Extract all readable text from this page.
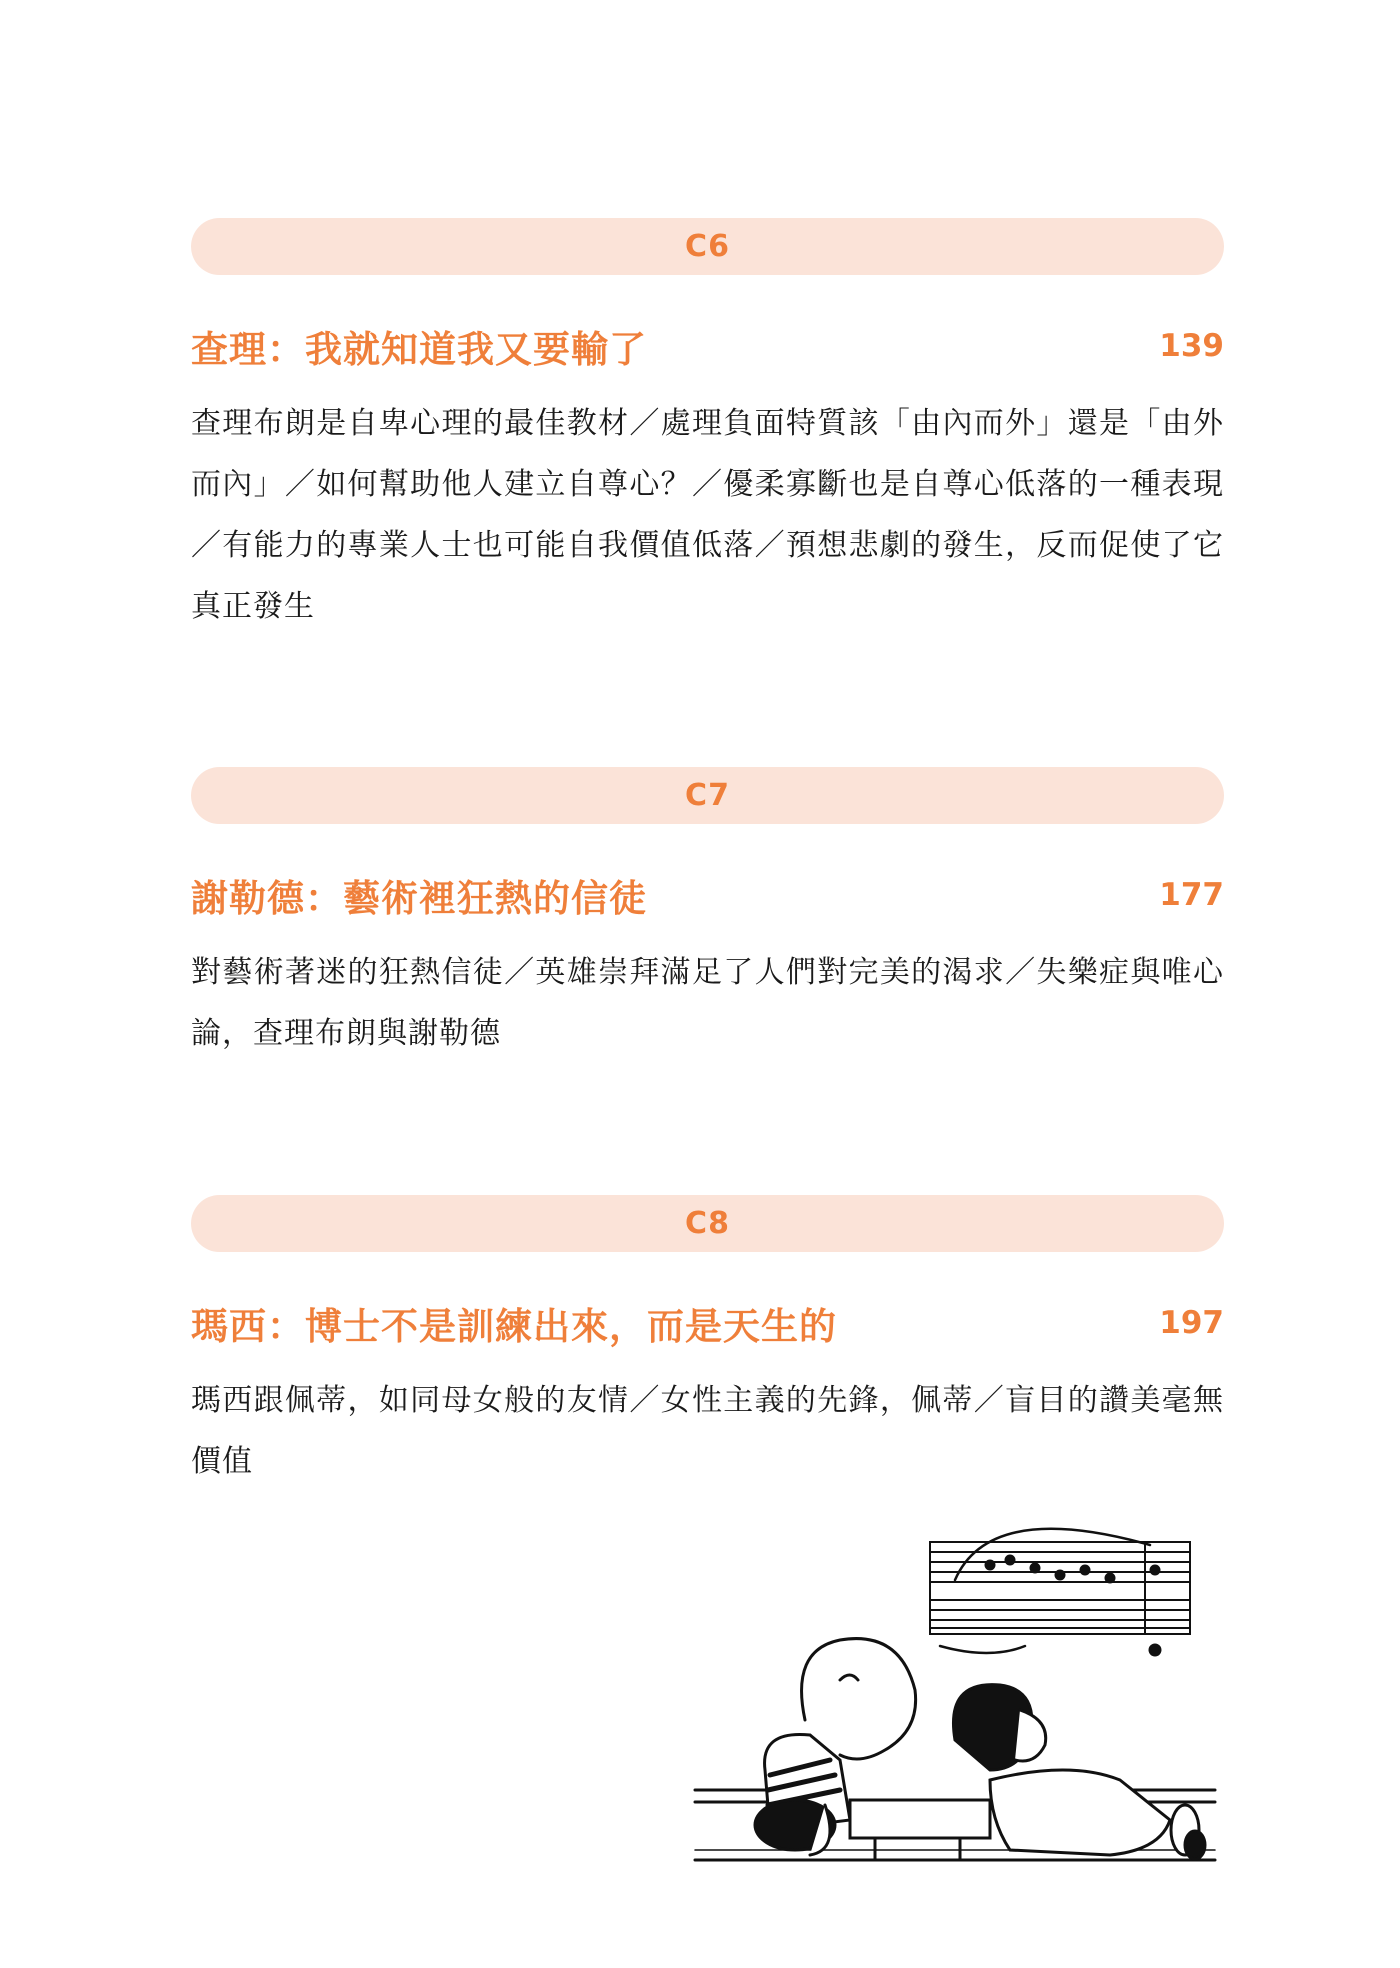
C6
查理：我就知道我又要輸了	139
查理布朗是自卑心理的最佳教材／處理負面特質該「由內而外」還是「由外而內」／如何幫助他人建立自尊心？／優柔寡斷也是自尊心低落的一種表現／有能力的專業人士也可能自我價值低落／預想悲劇的發生，反而促使了它真正發生
C7
謝勒德：藝術裡狂熱的信徒	177
對藝術著迷的狂熱信徒／英雄崇拜滿足了人們對完美的渴求／失樂症與唯心論，查理布朗與謝勒德
C8
瑪西：博士不是訓練出來，而是天生的	197
瑪西跟佩蒂，如同母女般的友情／女性主義的先鋒，佩蒂／盲目的讚美毫無價值
